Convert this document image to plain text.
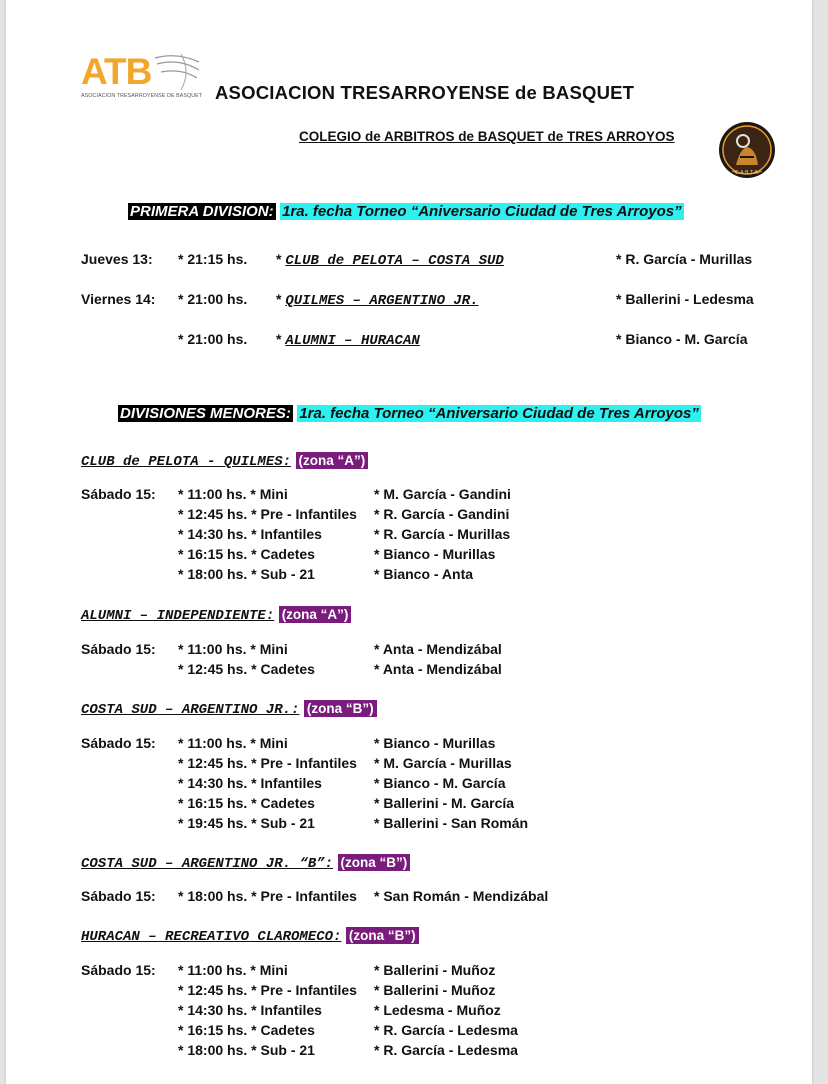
ATB
ASOCIACION TRESARROYENSE DE BASQUET ASOCIACION TRESARROYENSE de BASQUET
COLEGIO de ARBITROS de BASQUET de TRES ARROYOS
C.A.B.T.A.
PRIMERA DIVISION: 1ra. fecha Torneo “Aniversario Ciudad de Tres Arroyos”
Jueves 13: * 21:15 hs. * CLUB de PELOTA – COSTA SUD	* R. García - Murillas
Viernes 14: * 21:00 hs. * QUILMES – ARGENTINO JR.	* Ballerini - Ledesma
* 21:00 hs. * ALUMNI – HURACAN	* Bianco - M. García
DIVISIONES MENORES: 1ra. fecha Torneo “Aniversario Ciudad de Tres Arroyos”
CLUB de PELOTA - QUILMES: (zona “A”)
Sábado 15: * 11:00 hs. * Mini	* M. García - Gandini
* 12:45 hs. * Pre - Infantiles * R. García - Gandini
* 14:30 hs. * Infantiles	* R. García - Murillas
* 16:15 hs. * Cadetes	* Bianco - Murillas
* 18:00 hs. * Sub - 21	* Bianco - Anta
ALUMNI – INDEPENDIENTE: (zona “A”)
Sábado 15: * 11:00 hs. * Mini	* Anta - Mendizábal
* 12:45 hs. * Cadetes	* Anta - Mendizábal
COSTA SUD – ARGENTINO JR.: (zona “B”)
Sábado 15: * 11:00 hs. * Mini	* Bianco - Murillas
* 12:45 hs. * Pre - Infantiles * M. García - Murillas
* 14:30 hs. * Infantiles	* Bianco - M. García
* 16:15 hs. * Cadetes	* Ballerini - M. García
* 19:45 hs. * Sub - 21	* Ballerini - San Román
COSTA SUD – ARGENTINO JR. “B”: (zona “B”)
Sábado 15: * 18:00 hs. * Pre - Infantiles * San Román - Mendizábal
HURACAN – RECREATIVO CLAROMECO: (zona “B”)
Sábado 15: * 11:00 hs. * Mini	* Ballerini - Muñoz
* 12:45 hs. * Pre - Infantiles * Ballerini - Muñoz
* 14:30 hs. * Infantiles	* Ledesma - Muñoz
* 16:15 hs. * Cadetes	* R. García - Ledesma
* 18:00 hs. * Sub - 21	* R. García - Ledesma
